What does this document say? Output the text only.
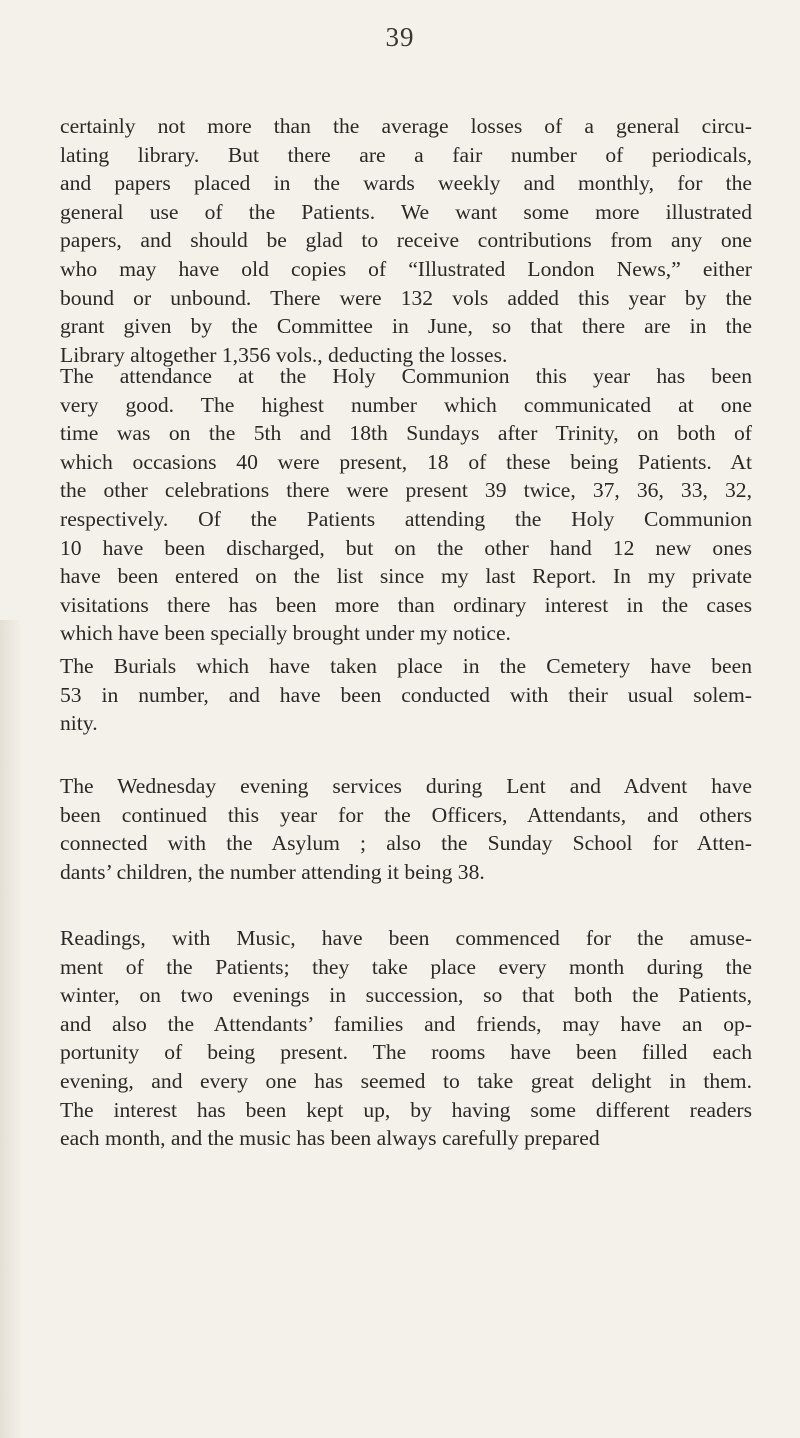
39
certainly not more than the average losses of a general circu-
lating library. But there are a fair number of periodicals,
and papers placed in the wards weekly and monthly, for the
general use of the Patients. We want some more illustrated
papers, and should be glad to receive contributions from any one
who may have old copies of “Illustrated London News,” either
bound or unbound. There were 132 vols added this year by the
grant given by the Committee in June, so that there are in the
Library altogether 1,356 vols., deducting the losses.
The attendance at the Holy Communion this year has been
very good. The highest number which communicated at one
time was on the 5th and 18th Sundays after Trinity, on both of
which occasions 40 were present, 18 of these being Patients. At
the other celebrations there were present 39 twice, 37, 36, 33, 32,
respectively. Of the Patients attending the Holy Communion
10 have been discharged, but on the other hand 12 new ones
have been entered on the list since my last Report. In my private
visitations there has been more than ordinary interest in the cases
which have been specially brought under my notice.
The Burials which have taken place in the Cemetery have been
53 in number, and have been conducted with their usual solem-
nity.
The Wednesday evening services during Lent and Advent have
been continued this year for the Officers, Attendants, and others
connected with the Asylum ; also the Sunday School for Atten-
dants’ children, the number attending it being 38.
Readings, with Music, have been commenced for the amuse-
ment of the Patients; they take place every month during the
winter, on two evenings in succession, so that both the Patients,
and also the Attendants’ families and friends, may have an op-
portunity of being present. The rooms have been filled each
evening, and every one has seemed to take great delight in them.
The interest has been kept up, by having some different readers
each month, and the music has been always carefully prepared
